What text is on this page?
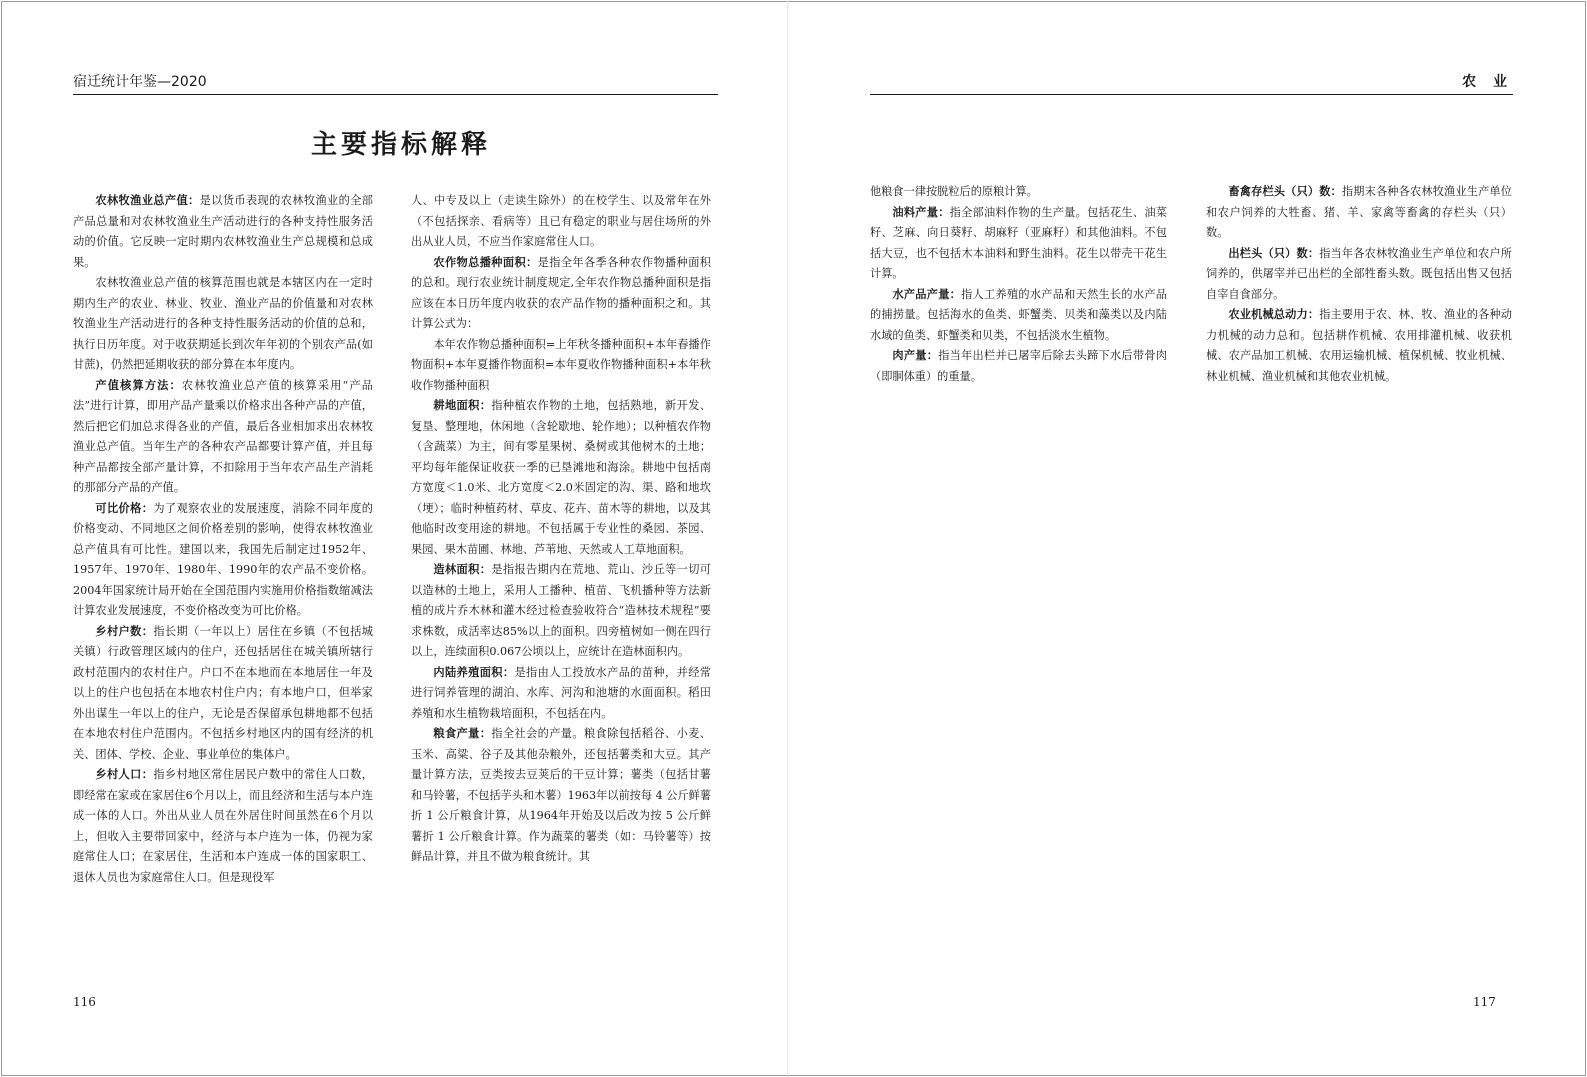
宿迁统计年鉴—2020
主要指标解释

农林牧渔业总产值：是以货币表现的农林牧渔业的全部产品总量和对农林牧渔业生产活动进行的各种支持性服务活动的价值。它反映一定时期内农林牧渔业生产总规模和总成果。

农林牧渔业总产值的核算范围也就是本辖区内在一定时期内生产的农业、林业、牧业、渔业产品的价值量和对农林牧渔业生产活动进行的各种支持性服务活动的价值的总和，执行日历年度。对于收获期延长到次年年初的个别农产品(如甘蔗)，仍然把延期收获的部分算在本年度内。

产值核算方法：农林牧渔业总产值的核算采用“产品法”进行计算，即用产品产量乘以价格求出各种产品的产值，然后把它们加总求得各业的产值，最后各业相加求出农林牧渔业总产值。当年生产的各种农产品都要计算产值，并且每种产品都按全部产量计算，不扣除用于当年农产品生产消耗的那部分产品的产值。

可比价格：为了观察农业的发展速度，消除不同年度的价格变动、不同地区之间价格差别的影响，使得农林牧渔业总产值具有可比性。建国以来，我国先后制定过1952年、1957年、1970年、1980年、1990年的农产品不变价格。2004年国家统计局开始在全国范围内实施用价格指数缩减法计算农业发展速度，不变价格改变为可比价格。

乡村户数：指长期（一年以上）居住在乡镇（不包括城关镇）行政管理区域内的住户，还包括居住在城关镇所辖行政村范围内的农村住户。户口不在本地而在本地居住一年及以上的住户也包括在本地农村住户内；有本地户口，但举家外出谋生一年以上的住户，无论是否保留承包耕地都不包括在本地农村住户范围内。不包括乡村地区内的国有经济的机关、团体、学校、企业、事业单位的集体户。

乡村人口：指乡村地区常住居民户数中的常住人口数，即经常在家或在家居住6个月以上，而且经济和生活与本户连成一体的人口。外出从业人员在外居住时间虽然在6个月以上，但收入主要带回家中，经济与本户连为一体，仍视为家庭常住人口；在家居住，生活和本户连成一体的国家职工、退休人员也为家庭常住人口。但是现役军

人、中专及以上（走读生除外）的在校学生、以及常年在外（不包括探亲、看病等）且已有稳定的职业与居住场所的外出从业人员，不应当作家庭常住人口。

农作物总播种面积：是指全年各季各种农作物播种面积的总和。现行农业统计制度规定,全年农作物总播种面积是指应该在本日历年度内收获的农产品作物的播种面积之和。其计算公式为：

本年农作物总播种面积=上年秋冬播种面积+本年春播作物面积+本年夏播作物面积=本年夏收作物播种面积+本年秋收作物播种面积

耕地面积：指种植农作物的土地，包括熟地，新开发、复垦、整理地，休闲地（含轮歇地、轮作地）；以种植农作物（含蔬菜）为主，间有零星果树、桑树或其他树木的土地；平均每年能保证收获一季的已垦滩地和海涂。耕地中包括南方宽度＜1.0米、北方宽度＜2.0米固定的沟、渠、路和地坎（埂）；临时种植药材、草皮、花卉、苗木等的耕地，以及其他临时改变用途的耕地。不包括属于专业性的桑园、茶园、果园、果木苗圃、林地、芦苇地、天然或人工草地面积。

造林面积：是指报告期内在荒地、荒山、沙丘等一切可以造林的土地上，采用人工播种、植苗、飞机播种等方法新植的成片乔木林和灌木经过检查验收符合“造林技术规程”要求株数，成活率达85%以上的面积。四旁植树如一侧在四行以上，连续面积0.067公顷以上，应统计在造林面积内。

内陆养殖面积：是指由人工投放水产品的苗种，并经常进行饲养管理的湖泊、水库、河沟和池塘的水面面积。稻田养殖和水生植物栽培面积，不包括在内。

粮食产量：指全社会的产量。粮食除包括稻谷、小麦、玉米、高粱、谷子及其他杂粮外，还包括薯类和大豆。其产量计算方法，豆类按去豆荚后的干豆计算；薯类（包括甘薯和马铃薯，不包括芋头和木薯）1963年以前按每 4 公斤鲜薯折 1 公斤粮食计算，从1964年开始及以后改为按 5 公斤鲜薯折 1 公斤粮食计算。作为蔬菜的薯类（如：马铃薯等）按鲜品计算，并且不做为粮食统计。其

116
农 业

他粮食一律按脱粒后的原粮计算。

油料产量：指全部油料作物的生产量。包括花生、油菜籽、芝麻、向日葵籽、胡麻籽（亚麻籽）和其他油料。不包括大豆，也不包括木本油料和野生油料。花生以带壳干花生计算。

水产品产量：指人工养殖的水产品和天然生长的水产品的捕捞量。包括海水的鱼类、虾蟹类、贝类和藻类以及内陆水域的鱼类、虾蟹类和贝类，不包括淡水生植物。

肉产量：指当年出栏并已屠宰后除去头蹄下水后带骨肉（即胴体重）的重量。

畜禽存栏头（只）数：指期末各种各农林牧渔业生产单位和农户饲养的大牲畜、猪、羊、家禽等畜禽的存栏头（只）数。

出栏头（只）数：指当年各农林牧渔业生产单位和农户所饲养的，供屠宰并已出栏的全部牲畜头数。既包括出售又包括自宰自食部分。

农业机械总动力：指主要用于农、林、牧、渔业的各种动力机械的动力总和。包括耕作机械、农用排灌机械、收获机械、农产品加工机械、农用运输机械、植保机械、牧业机械、林业机械、渔业机械和其他农业机械。

117
